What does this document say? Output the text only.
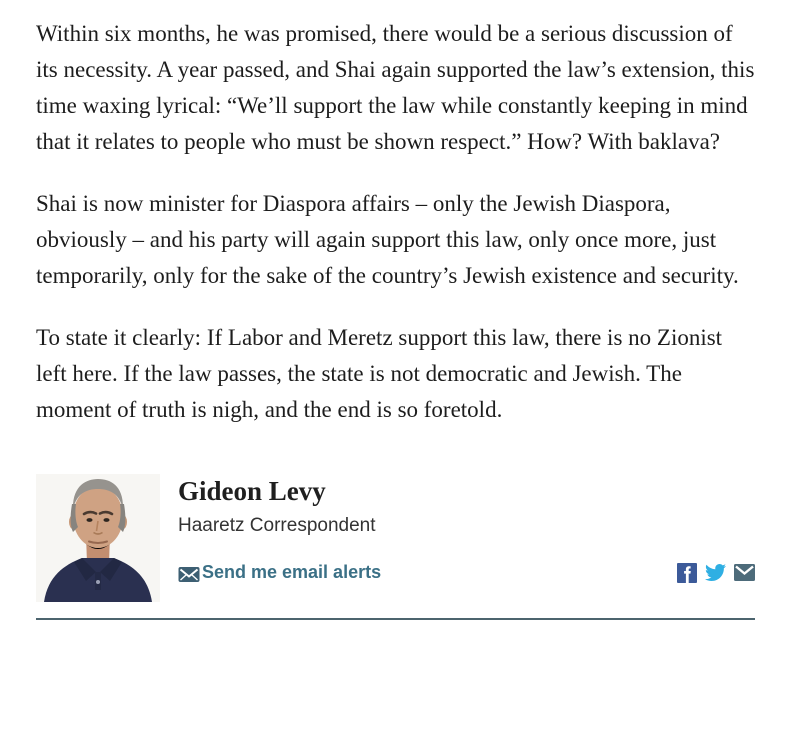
Within six months, he was promised, there would be a serious discussion of its necessity. A year passed, and Shai again supported the law’s extension, this time waxing lyrical: “We’ll support the law while constantly keeping in mind that it relates to people who must be shown respect.” How? With baklava?

Shai is now minister for Diaspora affairs – only the Jewish Diaspora, obviously – and his party will again support this law, only once more, just temporarily, only for the sake of the country’s Jewish existence and security.

To state it clearly: If Labor and Meretz support this law, there is no Zionist left here. If the law passes, the state is not democratic and Jewish. The moment of truth is nigh, and the end is so foretold.

Gideon Levy
Haaretz Correspondent
Send me email alerts
